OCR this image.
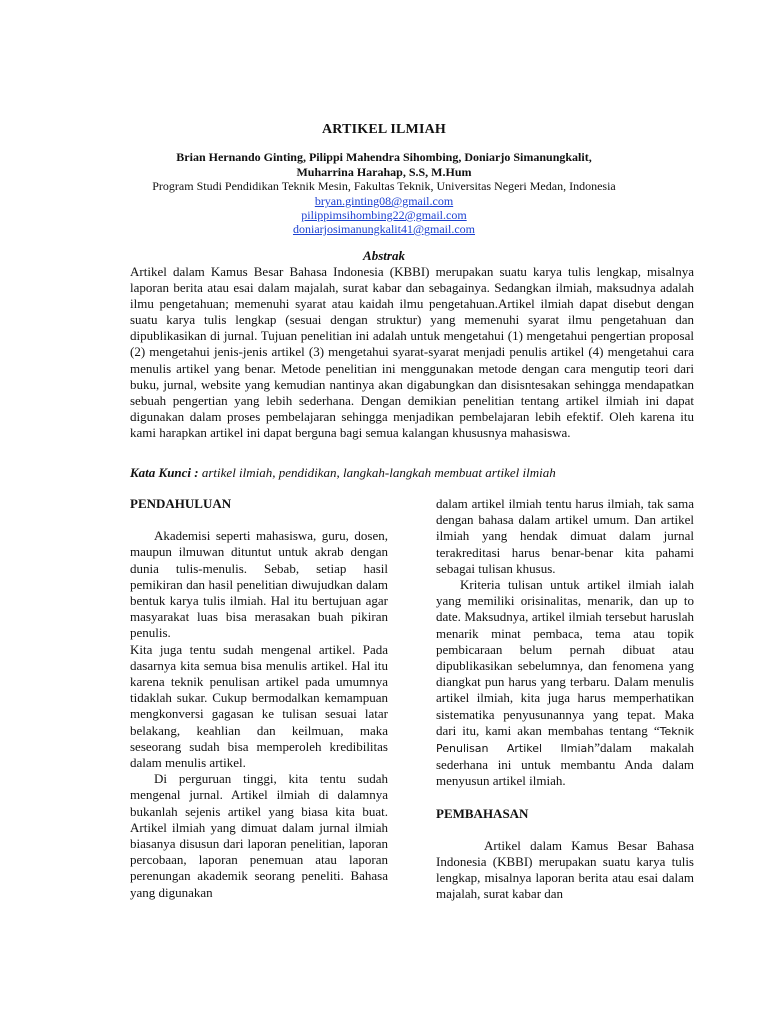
ARTIKEL ILMIAH
Brian Hernando Ginting, Pilippi Mahendra Sihombing, Doniarjo Simanungkalit,
Muharrina Harahap, S.S, M.Hum
Program Studi Pendidikan Teknik Mesin, Fakultas Teknik, Universitas Negeri Medan, Indonesia
bryan.ginting08@gmail.com
pilippimsihombing22@gmail.com
doniarjosimanungkalit41@gmail.com
Abstrak

Artikel dalam Kamus Besar Bahasa Indonesia (KBBI) merupakan suatu karya tulis lengkap, misalnya laporan berita atau esai dalam majalah, surat kabar dan sebagainya. Sedangkan ilmiah, maksudnya adalah ilmu pengetahuan; memenuhi syarat atau kaidah ilmu pengetahuan.Artikel ilmiah dapat disebut dengan suatu karya tulis lengkap (sesuai dengan struktur) yang memenuhi syarat ilmu pengetahuan dan dipublikasikan di jurnal. Tujuan penelitian ini adalah untuk mengetahui (1) mengetahui pengertian proposal (2) mengetahui jenis-jenis artikel (3) mengetahui syarat-syarat menjadi penulis artikel (4) mengetahui cara menulis artikel yang benar. Metode penelitian ini menggunakan metode dengan cara mengutip teori dari buku, jurnal, website yang kemudian nantinya akan digabungkan dan disisntesakan sehingga mendapatkan sebuah pengertian yang lebih sederhana. Dengan demikian penelitian tentang artikel ilmiah ini dapat digunakan dalam proses pembelajaran sehingga menjadikan pembelajaran lebih efektif. Oleh karena itu kami harapkan artikel ini dapat berguna bagi semua kalangan khususnya mahasiswa.

Kata Kunci : artikel ilmiah, pendidikan, langkah-langkah membuat artikel ilmiah
PENDAHULUAN

Akademisi seperti mahasiswa, guru, dosen, maupun ilmuwan dituntut untuk akrab dengan dunia tulis-menulis. Sebab, setiap hasil pemikiran dan hasil penelitian diwujudkan dalam bentuk karya tulis ilmiah. Hal itu bertujuan agar masyarakat luas bisa merasakan buah pikiran penulis.

Kita juga tentu sudah mengenal artikel. Pada dasarnya kita semua bisa menulis artikel. Hal itu karena teknik penulisan artikel pada umumnya tidaklah sukar. Cukup bermodalkan kemampuan mengkonversi gagasan ke tulisan sesuai latar belakang, keahlian dan keilmuan, maka seseorang sudah bisa memperoleh kredibilitas dalam menulis artikel.

Di perguruan tinggi, kita tentu sudah mengenal jurnal. Artikel ilmiah di dalamnya bukanlah sejenis artikel yang biasa kita buat. Artikel ilmiah yang dimuat dalam jurnal ilmiah biasanya disusun dari laporan penelitian, laporan percobaan, laporan penemuan atau laporan perenungan akademik seorang peneliti. Bahasa yang digunakan

dalam artikel ilmiah tentu harus ilmiah, tak sama dengan bahasa dalam artikel umum. Dan artikel ilmiah yang hendak dimuat dalam jurnal terakreditasi harus benar-benar kita pahami sebagai tulisan khusus.

Kriteria tulisan untuk artikel ilmiah ialah yang memiliki orisinalitas, menarik, dan up to date. Maksudnya, artikel ilmiah tersebut haruslah menarik minat pembaca, tema atau topik pembicaraan belum pernah dibuat atau dipublikasikan sebelumnya, dan fenomena yang diangkat pun harus yang terbaru. Dalam menulis artikel ilmiah, kita juga harus memperhatikan sistematika penyusunannya yang tepat. Maka dari itu, kami akan membahas tentang “Teknik Penulisan Artikel Ilmiah”dalam makalah sederhana ini untuk membantu Anda dalam menyusun artikel ilmiah.

PEMBAHASAN

Artikel dalam Kamus Besar Bahasa Indonesia (KBBI) merupakan suatu karya tulis lengkap, misalnya laporan berita atau esai dalam majalah, surat kabar dan
